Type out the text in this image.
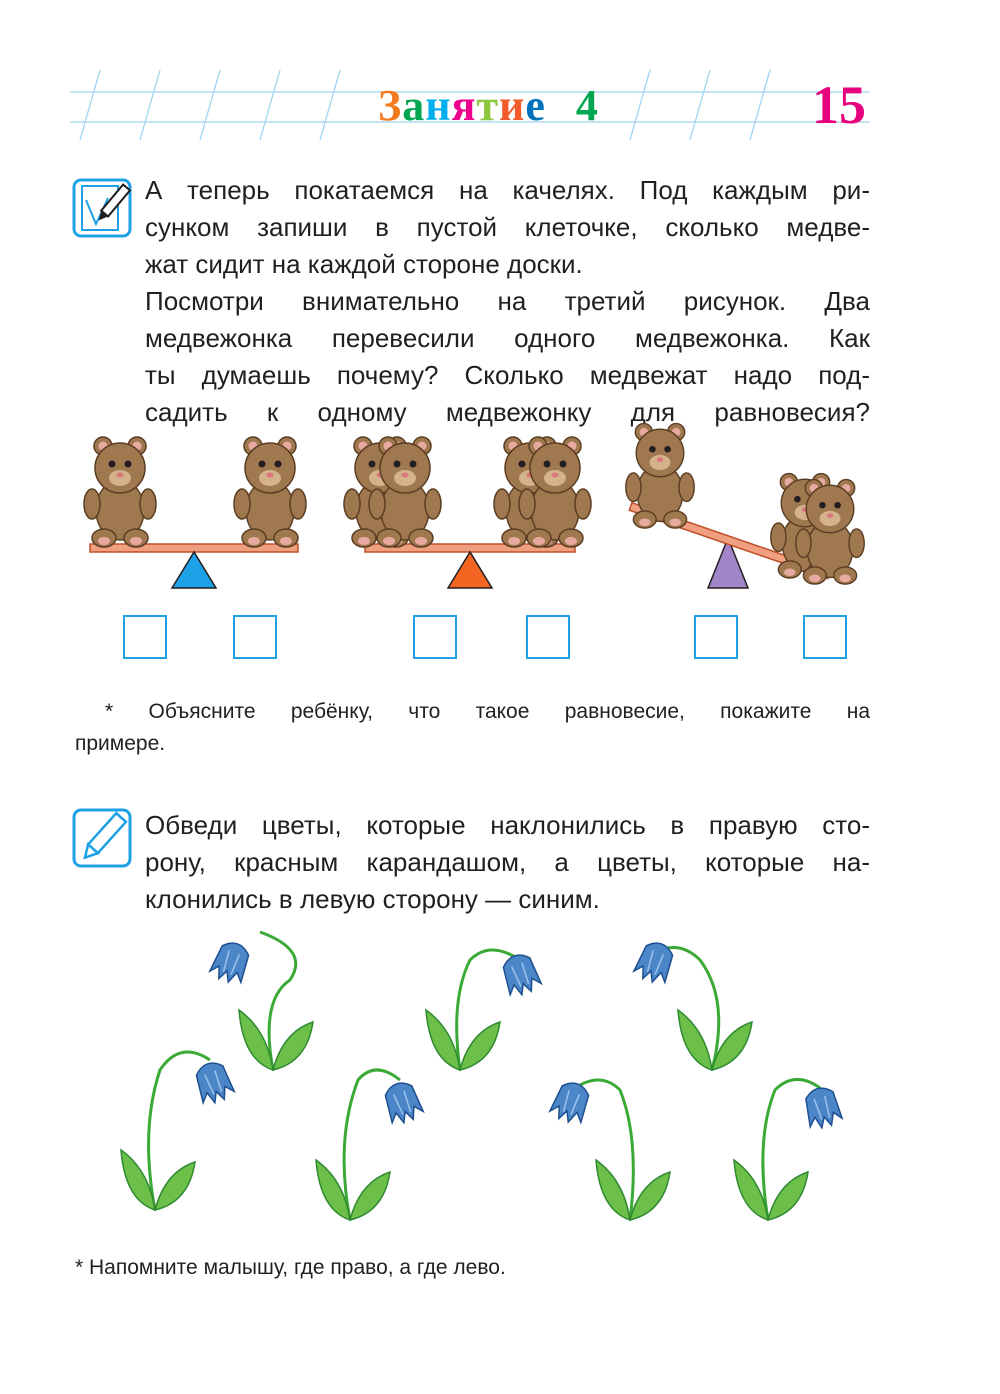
Занятие 4	15
А теперь покатаемся на качелях. Под каждым ри-
сунком запиши в пустой клеточке, сколько медве-
жат сидит на каждой стороне доски.
Посмотри внимательно на третий рисунок. Два
медвежонка перевесили одного медвежонка. Как
ты думаешь почему? Сколько медвежат надо под-
садить к одному медвежонку для равновесия?
* Объясните ребёнку, что такое равновесие, покажите на
примере.
Обведи цветы, которые наклонились в правую сто-
рону, красным карандашом, а цветы, которые на-
клонились в левую сторону — синим.
* Напомните малышу, где право, а где лево.
